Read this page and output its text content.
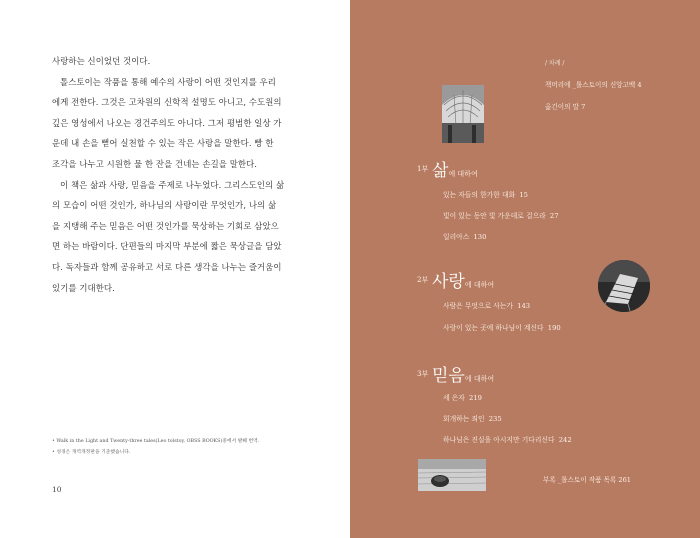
사랑하는 신이었던 것이다.
톨스토이는 작품을 통해 예수의 사랑이 어떤 것인지를 우리
에게 전한다. 그것은 고차원의 신학적 설명도 아니고, 수도원의
깊은 영성에서 나오는 경건주의도 아니다. 그저 평범한 일상 가
운데 내 손을 뻗어 실천할 수 있는 작은 사랑을 말한다. 빵 한
조각을 나누고 시원한 물 한 잔을 건네는 손길을 말한다.
이 책은 삶과 사랑, 믿음을 주제로 나누었다. 그리스도인의 삶
의 모습이 어떤 것인가, 하나님의 사랑이란 무엇인가, 나의 삶
을 지탱해 주는 믿음은 어떤 것인가를 묵상하는 기회로 삼았으
면 하는 바람이다. 단편들의 마지막 부분에 짧은 묵상글을 담았
다. 독자들과 함께 공유하고 서로 다른 생각을 나누는 즐거움이
있기를 기대한다.
• Walk in the Light and Twenty-three tales(Leo tolstoy, OBSS BOOKS)중에서 발췌 번역.
• 성경은 개역개정판을 기준했습니다.
10
/ 차례 /
책머리에 _톨스토이의 신앙고백 4
옮긴이의 말 7
1부 삶에 대하여
있는 자들의 한가한 대화 15
빛이 있는 동안 빛 가운데로 걸으라 27
일리아스 130
2부 사랑에 대하여
사람은 무엇으로 사는가 143
사랑이 있는 곳에 하나님이 계신다 190
3부 믿음에 대하여
세 은자 219
회개하는 죄인 235
하나님은 진실을 아시지만 기다리신다 242
부록 _톨스토이 작품 목록 261
